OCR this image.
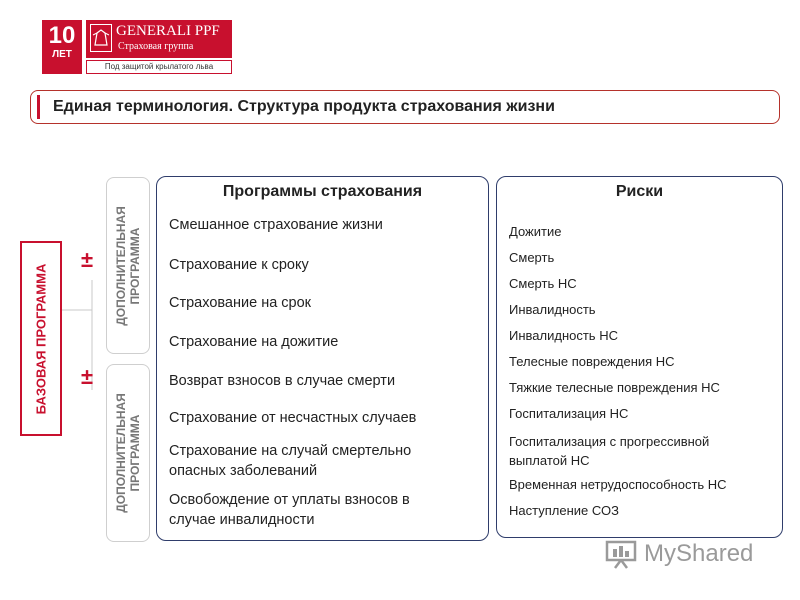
10
ЛЕТ
GENERALI PPF
Страховая группа
Под защитой крылатого льва
Единая терминология. Структура продукта страхования жизни
БАЗОВАЯ ПРОГРАММА
±
±
ДОПОЛНИТЕЛЬНАЯ ПРОГРАММА
ДОПОЛНИТЕЛЬНАЯ ПРОГРАММА
Программы страхования
Смешанное страхование жизни
Страхование к сроку
Страхование на срок
Страхование на дожитие
Возврат взносов в случае смерти
Страхование от несчастных случаев
Страхование на случай смертельно
опасных заболеваний
Освобождение от уплаты взносов в
случае инвалидности
Риски
Дожитие
Смерть
Смерть НС
Инвалидность
Инвалидность НС
Телесные повреждения НС
Тяжкие телесные повреждения НС
Госпитализация НС
Госпитализация с прогрессивной
выплатой НС
Временная нетрудоспособность НС
Наступление СОЗ
MyShared
